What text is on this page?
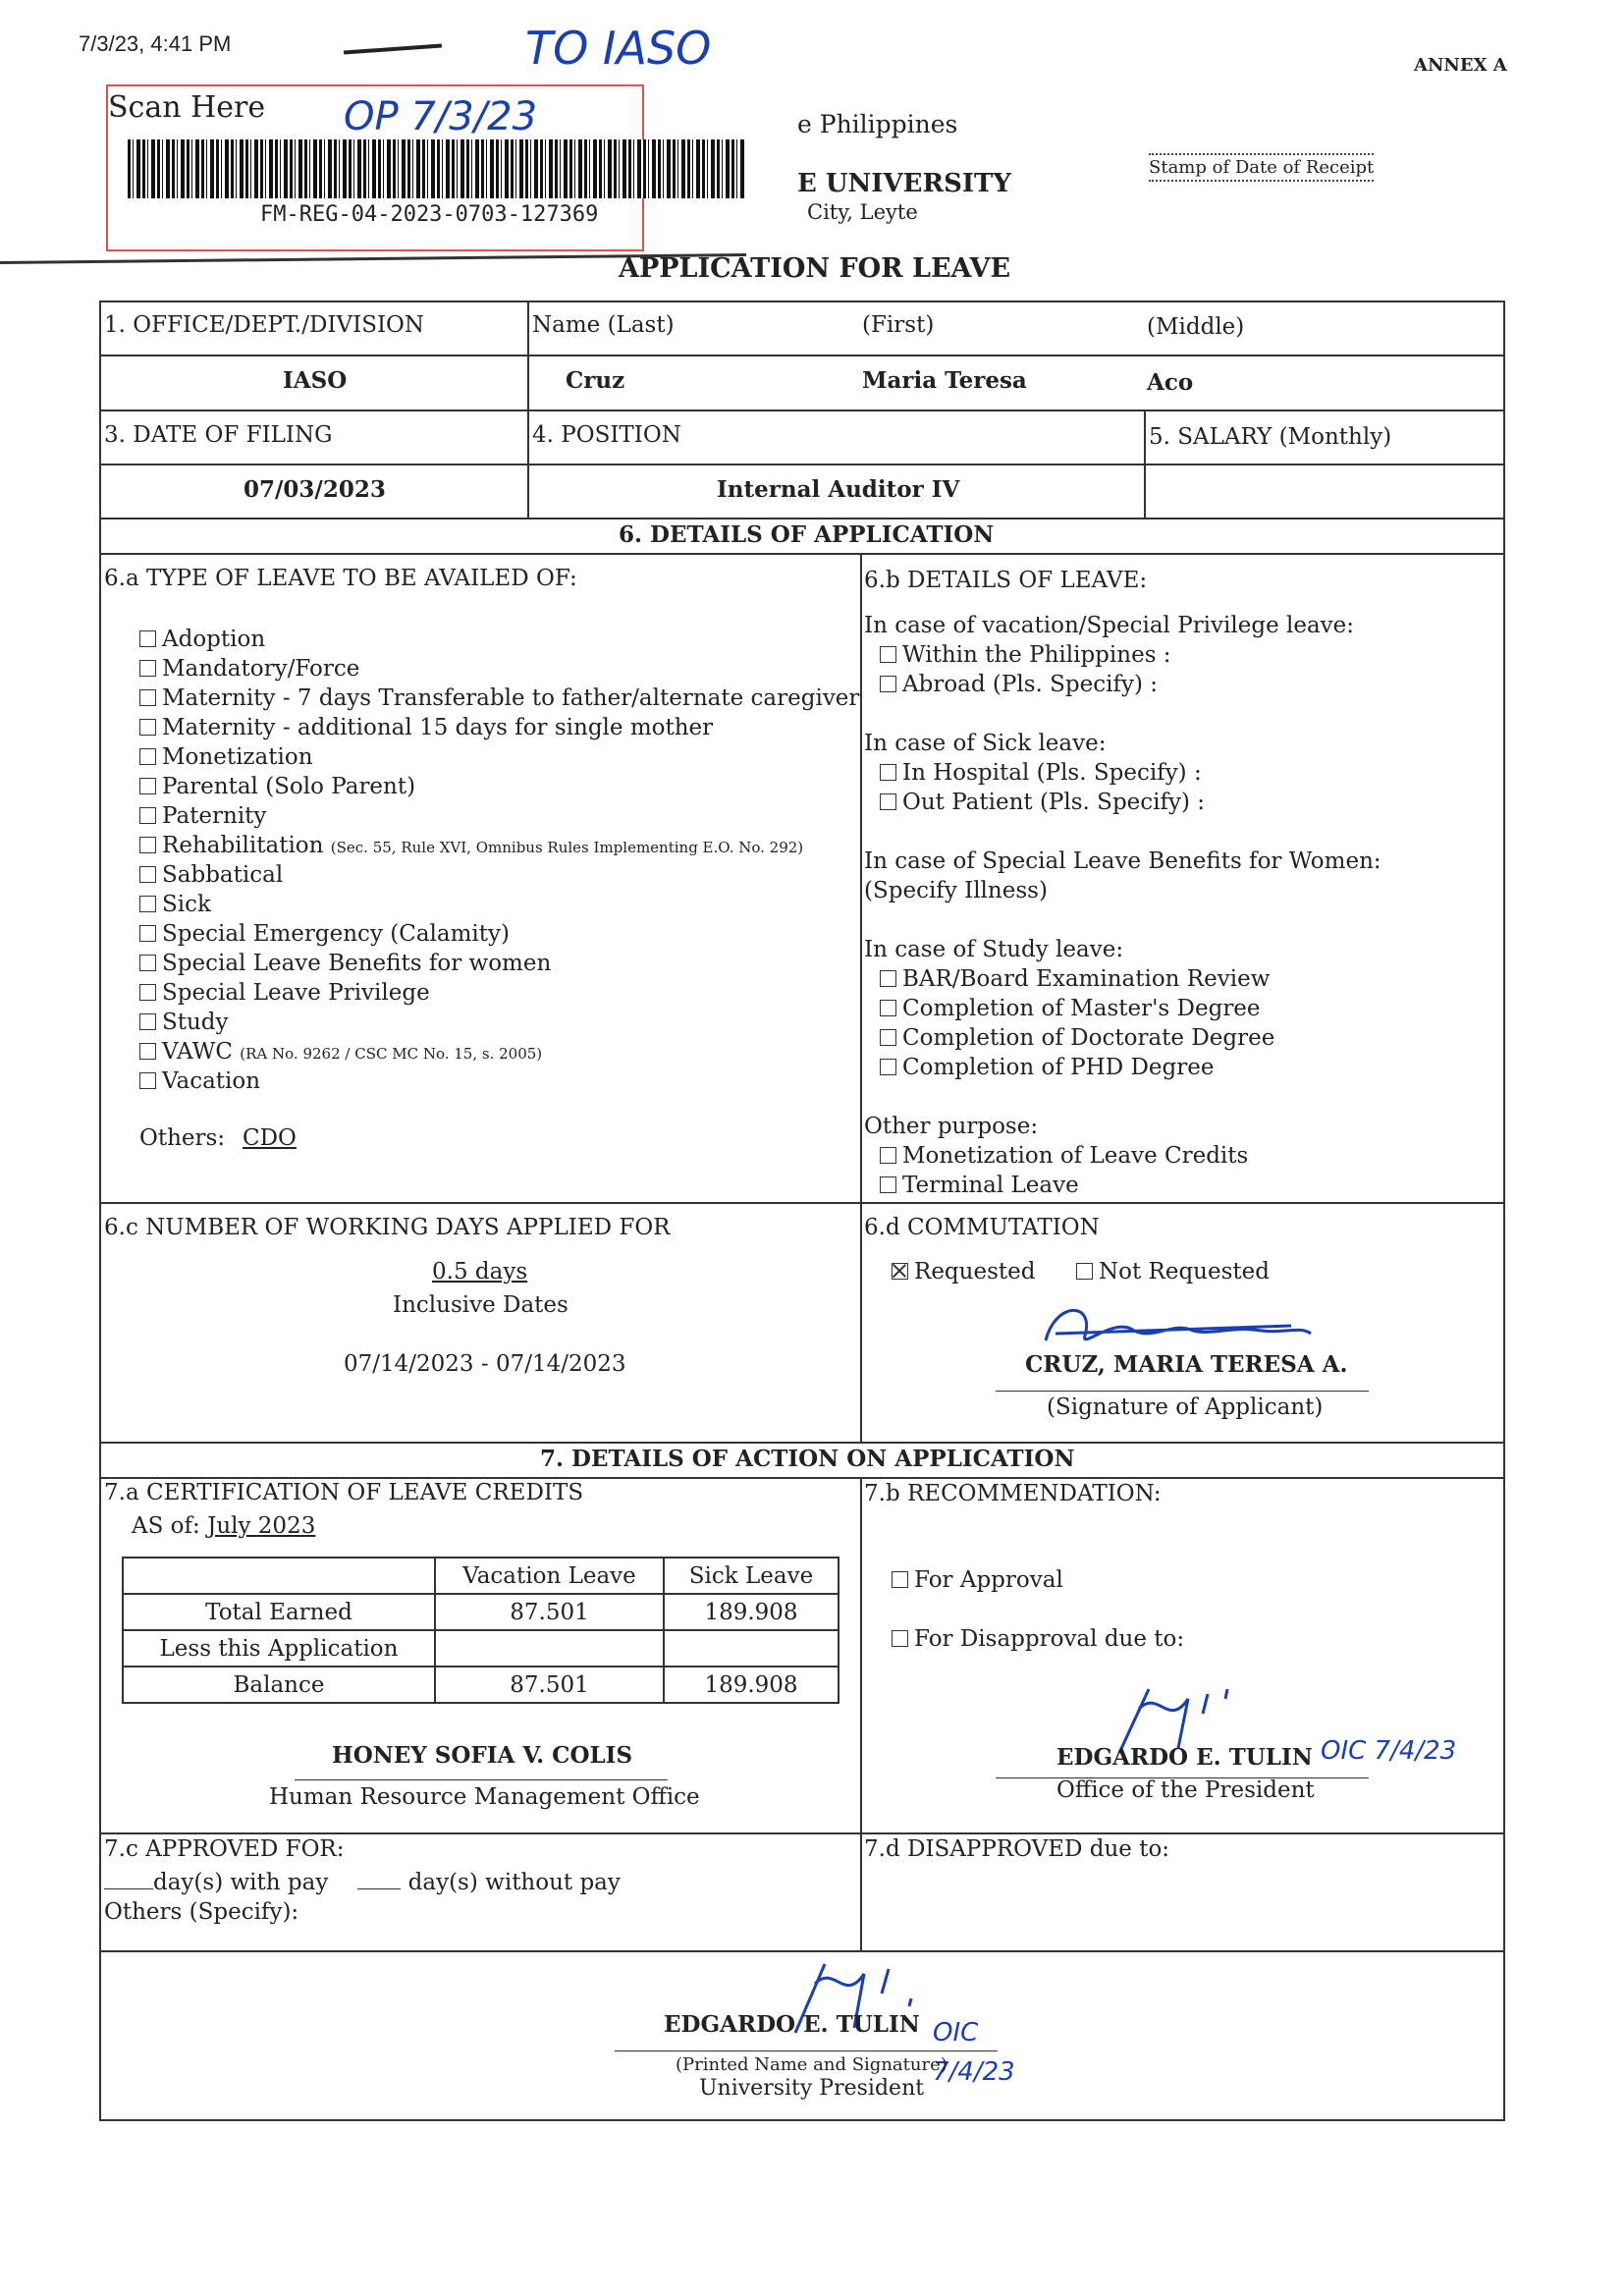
7/3/23, 4:41 PM	TO IASO
Scan Here OP 7/3/23
FM-REG-04-2023-0703-127369
ANNEX A
e Philippines
E UNIVERSITY
City, Leyte
Stamp of Date of Receipt
APPLICATION FOR LEAVE
1. OFFICE/DEPT./DIVISION	Name (Last)	(First)	(Middle)
IASO	Cruz	Maria Teresa	Aco
3. DATE OF FILING	4. POSITION	5. SALARY (Monthly)
07/03/2023	Internal Auditor IV
6. DETAILS OF APPLICATION
6.a TYPE OF LEAVE TO BE AVAILED OF:
Adoption
Mandatory/Force
Maternity - 7 days Transferable to father/alternate caregiver
Maternity - additional 15 days for single mother
Monetization
Parental (Solo Parent)
Paternity
Rehabilitation (Sec. 55, Rule XVI, Omnibus Rules Implementing E.O. No. 292)
Sabbatical
Sick
Special Emergency (Calamity)
Special Leave Benefits for women
Special Leave Privilege
Study
VAWC (RA No. 9262 / CSC MC No. 15, s. 2005)
Vacation
Others: CDO
6.b DETAILS OF LEAVE:
In case of vacation/Special Privilege leave:
Within the Philippines :
Abroad (Pls. Specify) :
In case of Sick leave:
In Hospital (Pls. Specify) :
Out Patient (Pls. Specify) :
In case of Special Leave Benefits for Women:
(Specify Illness)
In case of Study leave:
BAR/Board Examination Review
Completion of Master's Degree
Completion of Doctorate Degree
Completion of PHD Degree
Other purpose:
Monetization of Leave Credits
Terminal Leave
6.c NUMBER OF WORKING DAYS APPLIED FOR
0.5 days
Inclusive Dates
07/14/2023 - 07/14/2023
6.d COMMUTATION
Requested	Not Requested
CRUZ, MARIA TERESA A.
(Signature of Applicant)
7. DETAILS OF ACTION ON APPLICATION
7.a CERTIFICATION OF LEAVE CREDITS
AS of: July 2023
	Vacation Leave	Sick Leave
Total Earned	87.501	189.908
Less this Application		
Balance	87.501	189.908
HONEY SOFIA V. COLIS
Human Resource Management Office
7.b RECOMMENDATION:
For Approval
For Disapproval due to:
EDGARDO E. TULIN OIC 7/4/23
Office of the President
7.c APPROVED FOR:
day(s) with pay	day(s) without pay
Others (Specify):
7.d DISAPPROVED due to:
EDGARDO E. TULIN OIC 7/4/23
(Printed Name and Signature)
University President
